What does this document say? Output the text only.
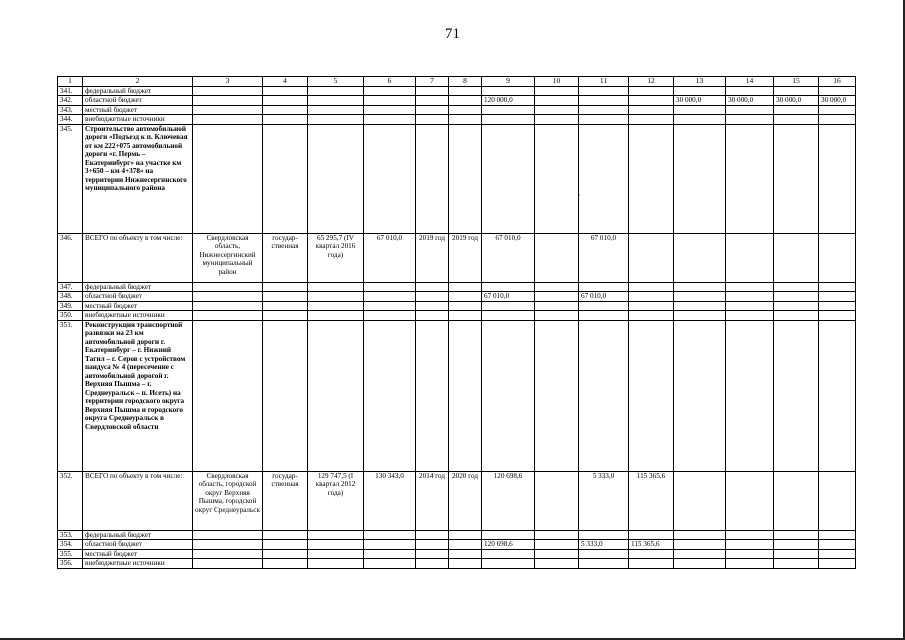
71
1	2	3	4	5	6	7	8	9	10	11	12	13	14	15	16
341.	федеральный бюджет														
342.	областной бюджет							120 000,0				30 000,0	30 000,0	30 000,0	30 000,0
343.	местный бюджет														
344.	внебюджетные источники														
345.	Строительство автомобильной дороги «Подъезд к п. Ключевая от км 222+075 автомобильной дороги «г. Пермь – Екатеринбург» на участке км 3+650 – км 4+378» на территории Нижнесергинского муниципального района														
346.	ВСЕГО по объекту в том числе:	Свердловская область, Нижнесергинский муниципальный район	государ-ственная	65 295,7 (IV квартал 2016 года)	67 010,0	2019 год	2019 год	67 010,0		67 010,0					
347.	федеральный бюджет														
348.	областной бюджет							67 010,0		67 010,0					
349.	местный бюджет														
350.	внебюджетные источники														
351.	Реконструкция транспортной развязки на 23 км автомобильной дороги г. Екатеринбург – г. Нижний Тагил – г. Серов с устройством пандуса № 4 (пересечение с автомобильной дорогой г. Верхняя Пышма – г. Среднеуральск – п. Исеть) на территории городского округа Верхняя Пышма и городского округа Среднеуральск в Свердловской области														
352.	ВСЕГО по объекту в том числе:	Свердловская область, городской округ Верхняя Пышма, городской округ Среднеуральск	государ-ственная	129 747,5 (I квартал 2012 года)	130 343,0	2014 год	2020 год	120 698,6		5 333,0	115 365,6				
353.	федеральный бюджет														
354.	областной бюджет							120 698,6		5 333,0	115 365,6				
355.	местный бюджет														
356.	внебюджетные источники														
·
